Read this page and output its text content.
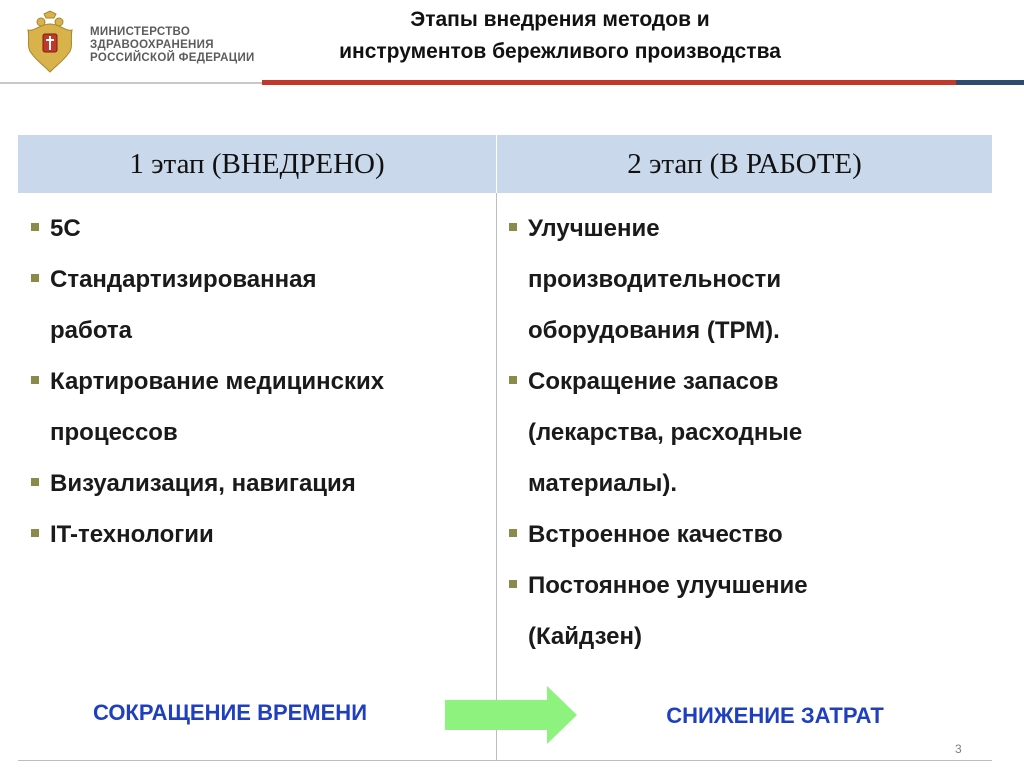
МИНИСТЕРСТВО
ЗДРАВООХРАНЕНИЯ
РОССИЙСКОЙ ФЕДЕРАЦИИ
Этапы внедрения методов и
инструментов бережливого производства
1 этап (ВНЕДРЕНО)	2 этап (В РАБОТЕ)
5С
Стандартизированная
работа
Картирование медицинских
процессов
Визуализация, навигация
IT-технологии
Улучшение
производительности
оборудования (ТРМ).
Сокращение запасов
(лекарства, расходные
материалы).
Встроенное качество
Постоянное улучшение
(Кайдзен)
СОКРАЩЕНИЕ ВРЕМЕНИ	СНИЖЕНИЕ ЗАТРАТ
3
